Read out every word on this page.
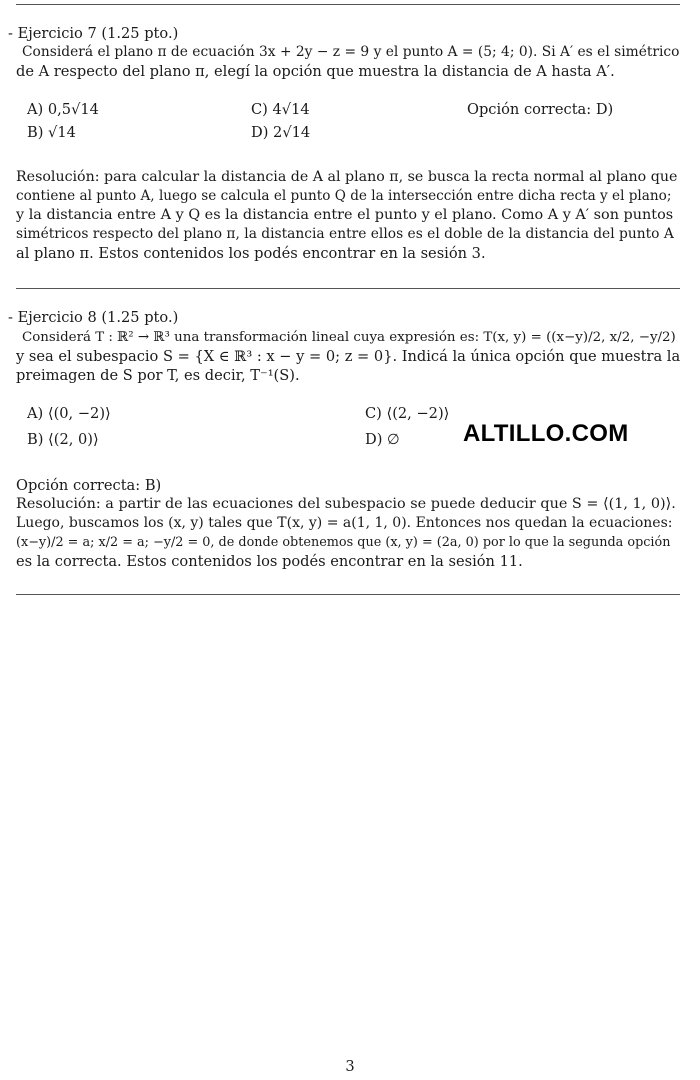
- Ejercicio 7 (1.25 pto.)
Considerá el plano π de ecuación 3x + 2y − z = 9 y el punto A = (5; 4; 0). Si A′ es el simétrico
de A respecto del plano π, elegí la opción que muestra la distancia de A hasta A′.
A) 0,5√14
B) √14
C) 4√14
D) 2√14
Opción correcta: D)
Resolución: para calcular la distancia de A al plano π, se busca la recta normal al plano que
contiene al punto A, luego se calcula el punto Q de la intersección entre dicha recta y el plano;
y la distancia entre A y Q es la distancia entre el punto y el plano. Como A y A′ son puntos
simétricos respecto del plano π, la distancia entre ellos es el doble de la distancia del punto A
al plano π. Estos contenidos los podés encontrar en la sesión 3.
- Ejercicio 8 (1.25 pto.)
Considerá T : ℝ² → ℝ³ una transformación lineal cuya expresión es: T(x, y) = ((x−y)/2, x/2, −y/2)
y sea el subespacio S = {X ∈ ℝ³ : x − y = 0; z = 0}. Indicá la única opción que muestra la
preimagen de S por T, es decir, T⁻¹(S).
A) ⟨(0, −2)⟩
B) ⟨(2, 0)⟩
C) ⟨(2, −2)⟩
D) ∅	ALTILLO.COM
Opción correcta: B)
Resolución: a partir de las ecuaciones del subespacio se puede deducir que S = ⟨(1, 1, 0)⟩.
Luego, buscamos los (x, y) tales que T(x, y) = a(1, 1, 0). Entonces nos quedan la ecuaciones:
(x−y)/2 = a; x/2 = a; −y/2 = 0, de donde obtenemos que (x, y) = (2a, 0) por lo que la segunda opción
es la correcta. Estos contenidos los podés encontrar en la sesión 11.
3
